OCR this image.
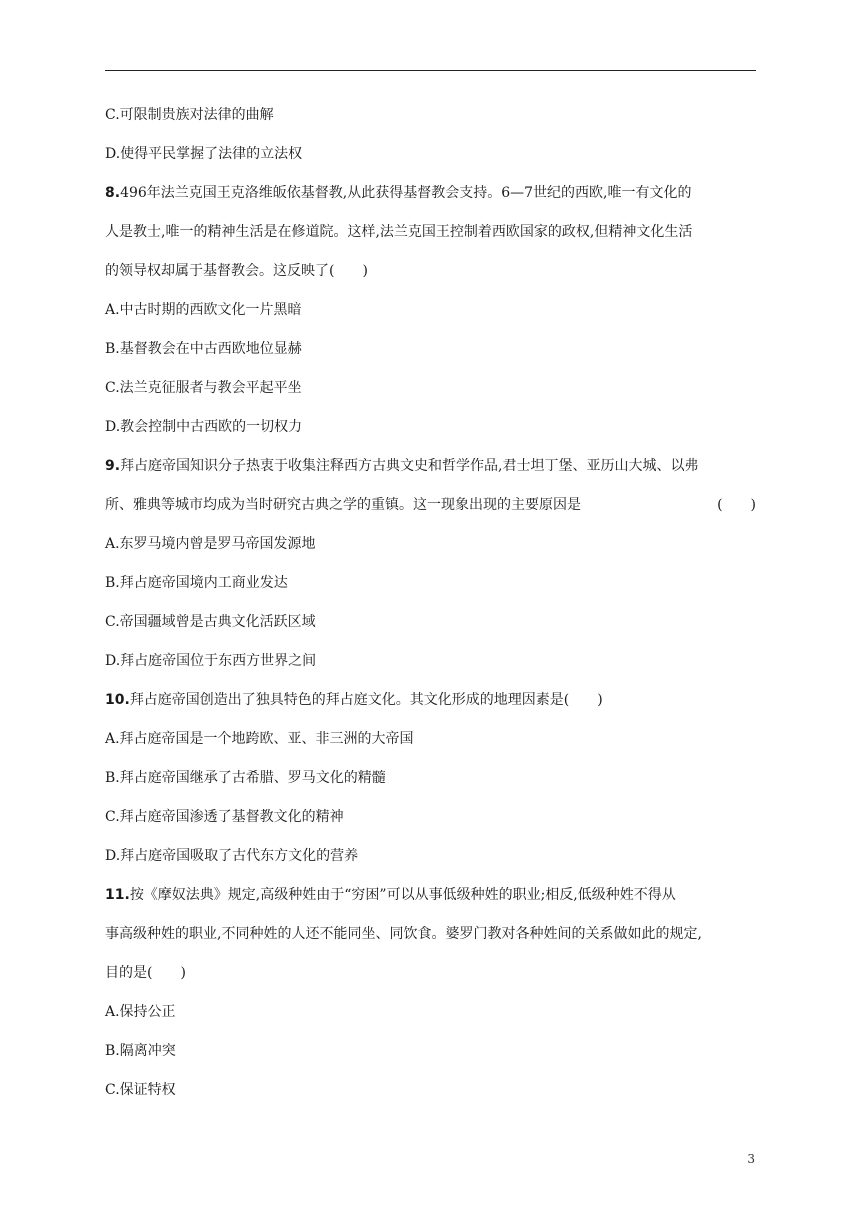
C.可限制贵族对法律的曲解

D.使得平民掌握了法律的立法权

8.496年法兰克国王克洛维皈依基督教,从此获得基督教会支持。6—7世纪的西欧,唯一有文化的

人是教士,唯一的精神生活是在修道院。这样,法兰克国王控制着西欧国家的政权,但精神文化生活

的领导权却属于基督教会。这反映了(　　)

A.中古时期的西欧文化一片黑暗

B.基督教会在中古西欧地位显赫

C.法兰克征服者与教会平起平坐

D.教会控制中古西欧的一切权力

9.拜占庭帝国知识分子热衷于收集注释西方古典文史和哲学作品,君士坦丁堡、亚历山大城、以弗

所、雅典等城市均成为当时研究古典之学的重镇。这一现象出现的主要原因是	(　　)

A.东罗马境内曾是罗马帝国发源地

B.拜占庭帝国境内工商业发达

C.帝国疆域曾是古典文化活跃区域

D.拜占庭帝国位于东西方世界之间

10.拜占庭帝国创造出了独具特色的拜占庭文化。其文化形成的地理因素是(　　)

A.拜占庭帝国是一个地跨欧、亚、非三洲的大帝国

B.拜占庭帝国继承了古希腊、罗马文化的精髓

C.拜占庭帝国渗透了基督教文化的精神

D.拜占庭帝国吸取了古代东方文化的营养

11.按《摩奴法典》规定,高级种姓由于“穷困”可以从事低级种姓的职业;相反,低级种姓不得从

事高级种姓的职业,不同种姓的人还不能同坐、同饮食。婆罗门教对各种姓间的关系做如此的规定,

目的是(　　)

A.保持公正

B.隔离冲突

C.保证特权

3
